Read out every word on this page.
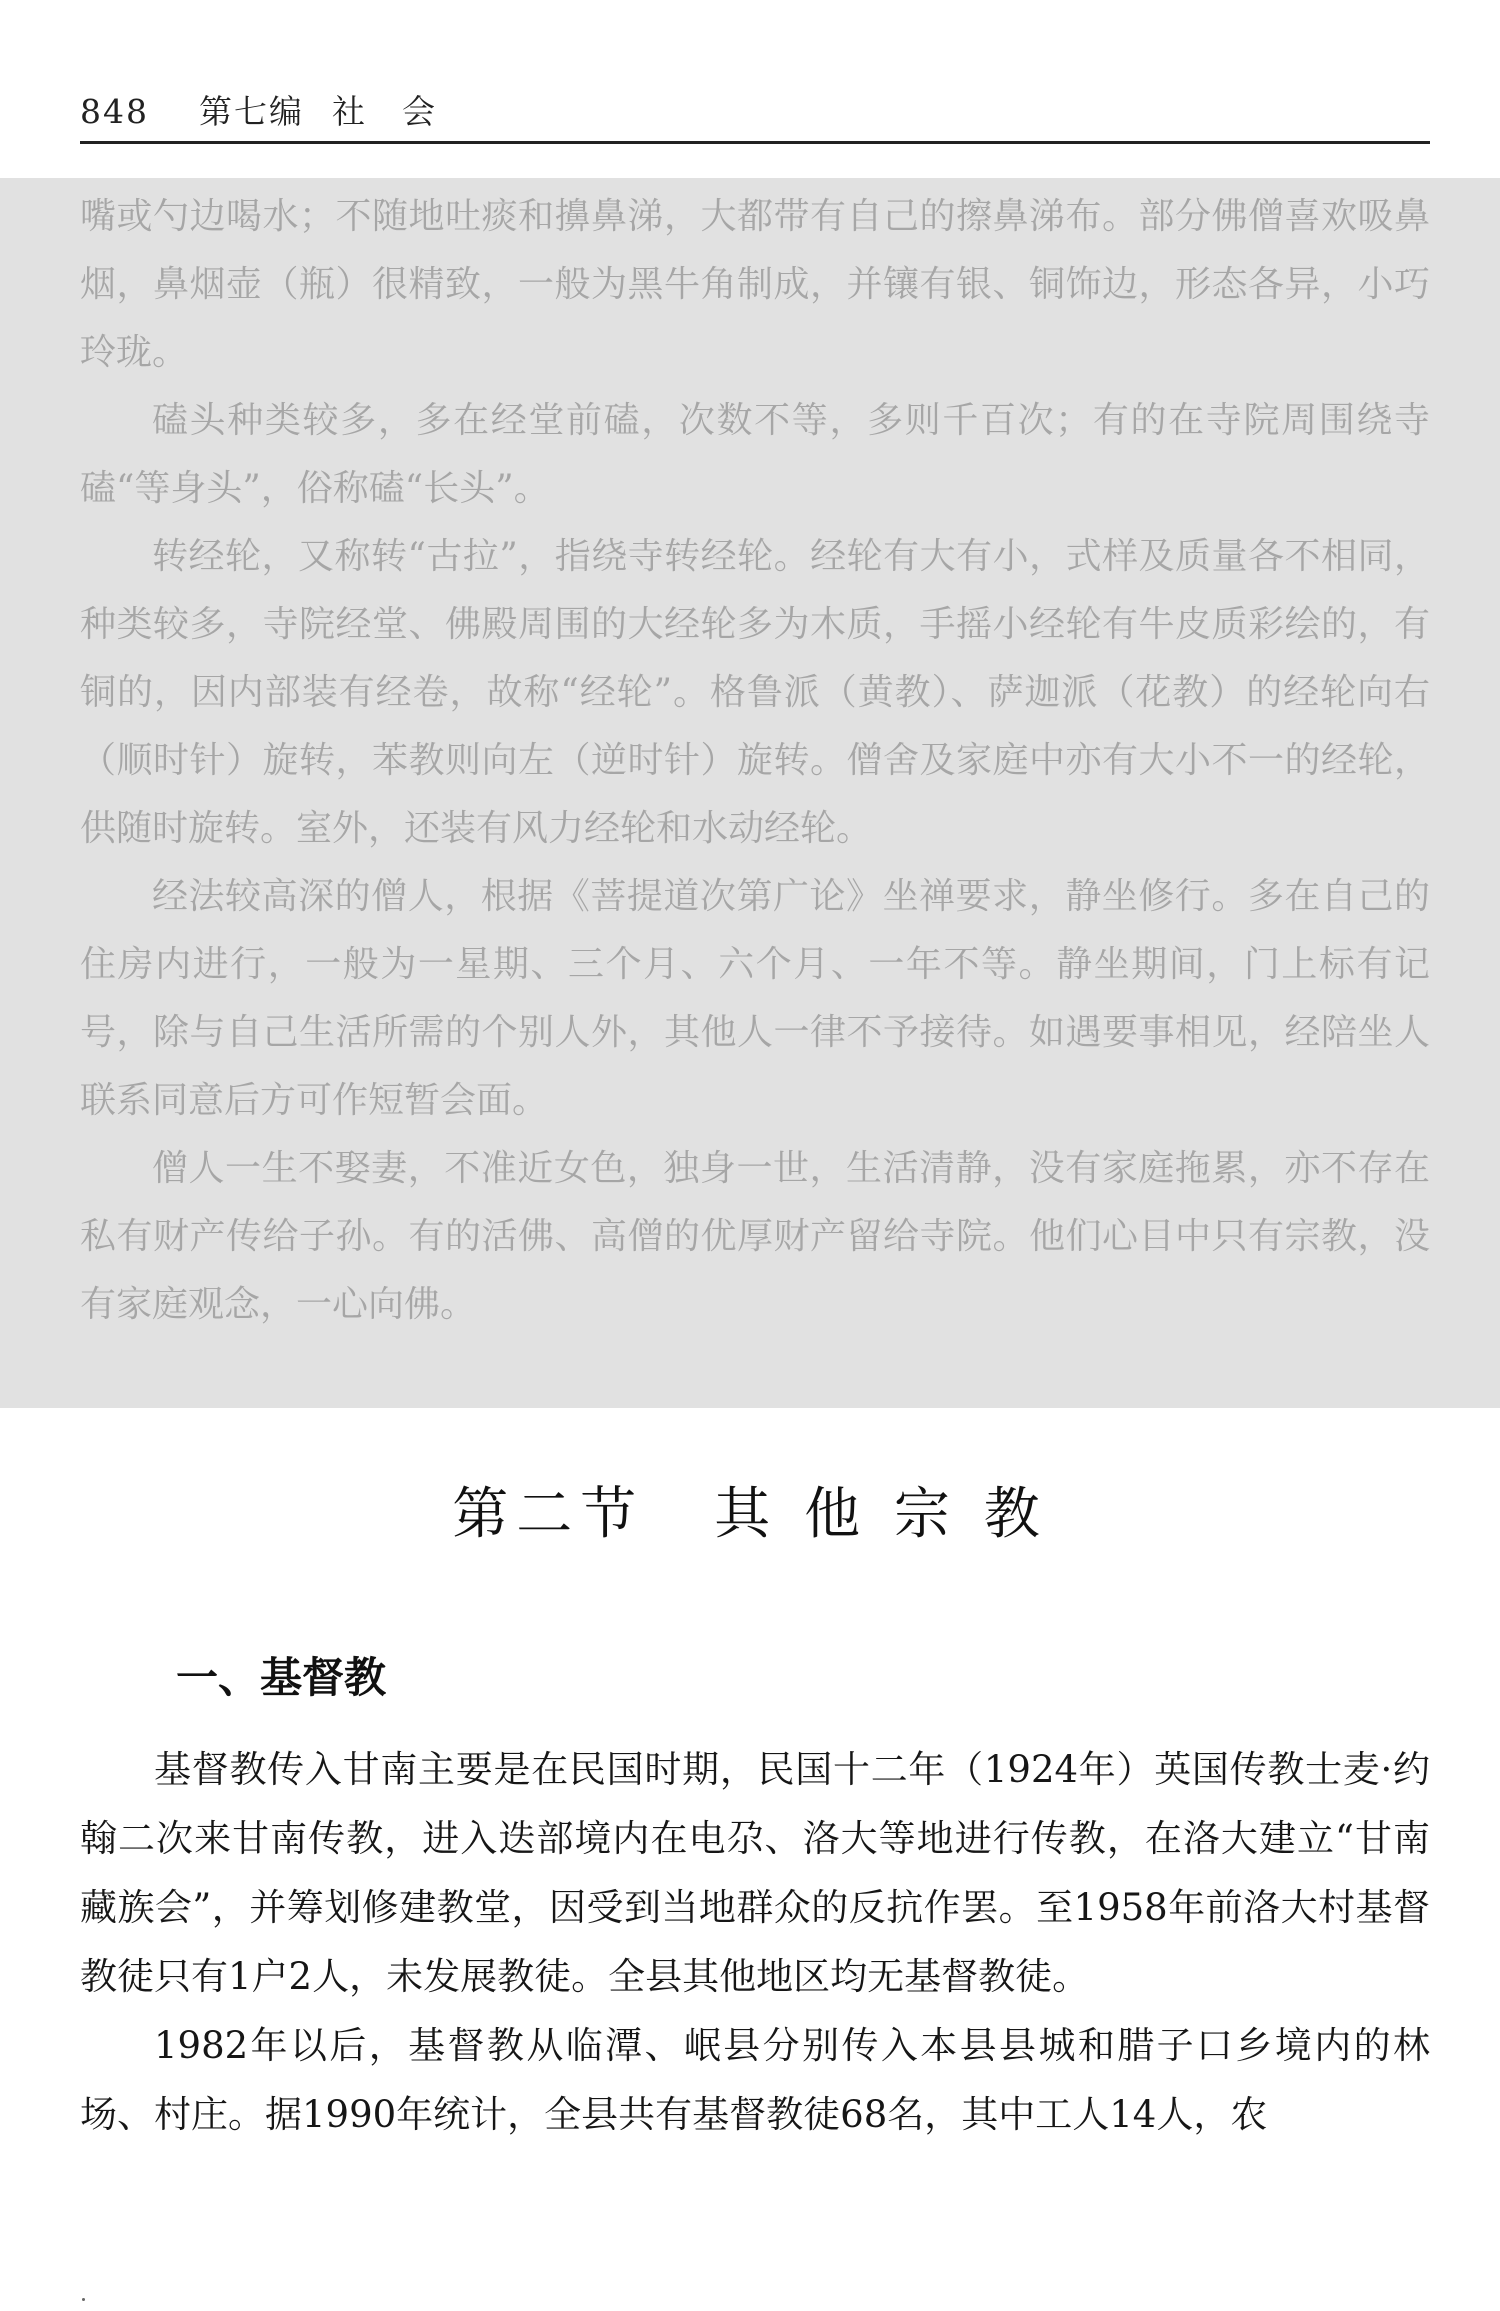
848 第七编 社　会

嘴或勺边喝水；不随地吐痰和擤鼻涕，大都带有自己的擦鼻涕布。部分佛僧喜欢吸鼻烟，鼻烟壶（瓶）很精致，一般为黑牛角制成，并镶有银、铜饰边，形态各异，小巧玲珑。

磕头种类较多，多在经堂前磕，次数不等，多则千百次；有的在寺院周围绕寺磕“等身头”，俗称磕“长头”。

转经轮，又称转“古拉”，指绕寺转经轮。经轮有大有小，式样及质量各不相同，种类较多，寺院经堂、佛殿周围的大经轮多为木质，手摇小经轮有牛皮质彩绘的，有铜的，因内部装有经卷，故称“经轮”。格鲁派（黄教）、萨迦派（花教）的经轮向右（顺时针）旋转，苯教则向左（逆时针）旋转。僧舍及家庭中亦有大小不一的经轮，供随时旋转。室外，还装有风力经轮和水动经轮。

经法较高深的僧人，根据《菩提道次第广论》坐禅要求，静坐修行。多在自己的住房内进行，一般为一星期、三个月、六个月、一年不等。静坐期间，门上标有记号，除与自己生活所需的个别人外，其他人一律不予接待。如遇要事相见，经陪坐人联系同意后方可作短暂会面。

僧人一生不娶妻，不准近女色，独身一世，生活清静，没有家庭拖累，亦不存在私有财产传给子孙。有的活佛、高僧的优厚财产留给寺院。他们心目中只有宗教，没有家庭观念，一心向佛。

第二节 其 他 宗 教
一、基督教

基督教传入甘南主要是在民国时期，民国十二年（1924年）英国传教士麦·约翰二次来甘南传教，进入迭部境内在电尕、洛大等地进行传教，在洛大建立“甘南藏族会”，并筹划修建教堂，因受到当地群众的反抗作罢。至1958年前洛大村基督教徒只有1户2人，未发展教徒。全县其他地区均无基督教徒。

1982年以后，基督教从临潭、岷县分别传入本县县城和腊子口乡境内的林场、村庄。据1990年统计，全县共有基督教徒68名，其中工人14人，农
